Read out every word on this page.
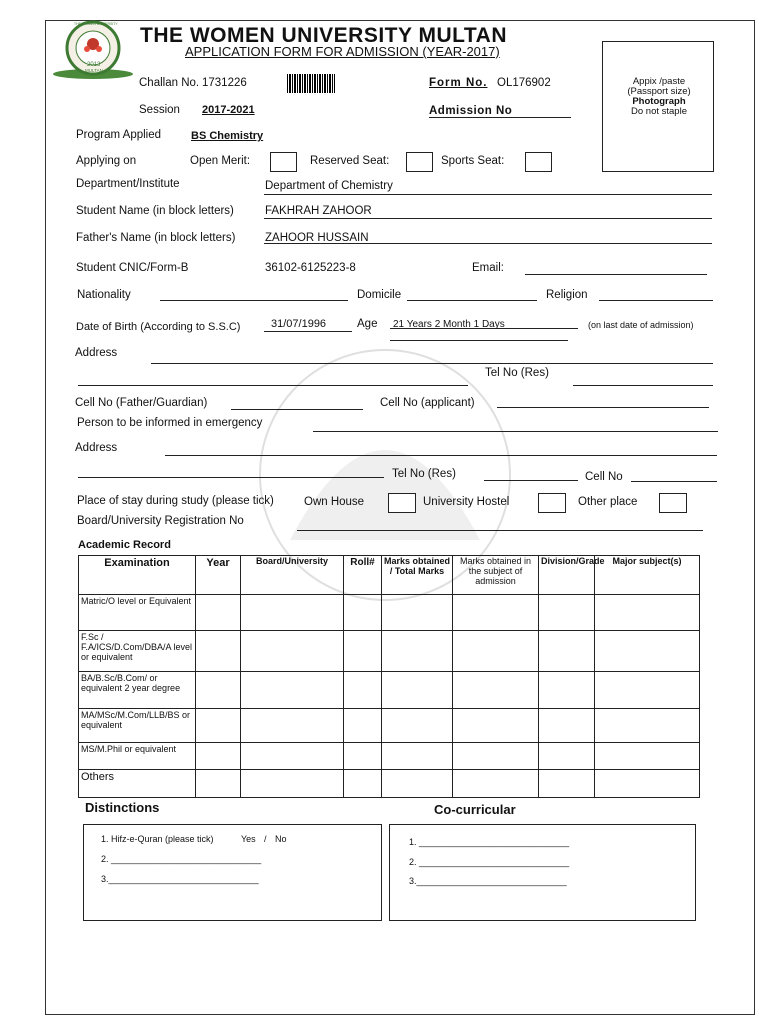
THE WOMEN UNIVERSITY
2013
MULTAN
THE WOMEN UNIVERSITY MULTAN
APPLICATION FORM FOR ADMISSION (YEAR-2017)
Appix /paste
(Passport size)
Photograph
Do not staple
Challan No. 1731226	Form No. OL176902
Session 2017-2021	Admission No
Program Applied	BS Chemistry
Applying on	Open Merit:	Reserved Seat:	Sports Seat:
Department/Institute	Department of Chemistry
Student Name (in block letters)	FAKHRAH ZAHOOR
Father's Name (in block letters)	ZAHOOR HUSSAIN
Student CNIC/Form-B	36102-6125223-8	Email:
Nationality	Domicile	Religion
Date of Birth (According to S.S.C)	31/07/1996	Age 21 Years 2 Month 1 Days	(on last date of admission)
Address
Tel No (Res)
Cell No (Father/Guardian)	Cell No (applicant)
Person to be informed in emergency
Address
Tel No (Res)	Cell No
Place of stay during study (please tick)	Own House	University Hostel	Other place
Board/University Registration No
Academic Record
Examination	Year	Board/University	Roll#	Marks obtained / Total Marks	Marks obtained in the subject of admission	Division/Grade	Major subject(s)
Matric/O level or Equivalent							
F.Sc / F.A/ICS/D.Com/DBA/A level or equivalent							
BA/B.Sc/B.Com/ or equivalent 2 year degree							
MA/MSc/M.Com/LLB/BS or equivalent							
MS/M.Phil or equivalent							
Others							
Distinctions	Co-curricular
1. Hifz-e-Quran (please tick)	Yes / No
2. ______________________________
3.______________________________
1. ______________________________
2. ______________________________
3.______________________________
